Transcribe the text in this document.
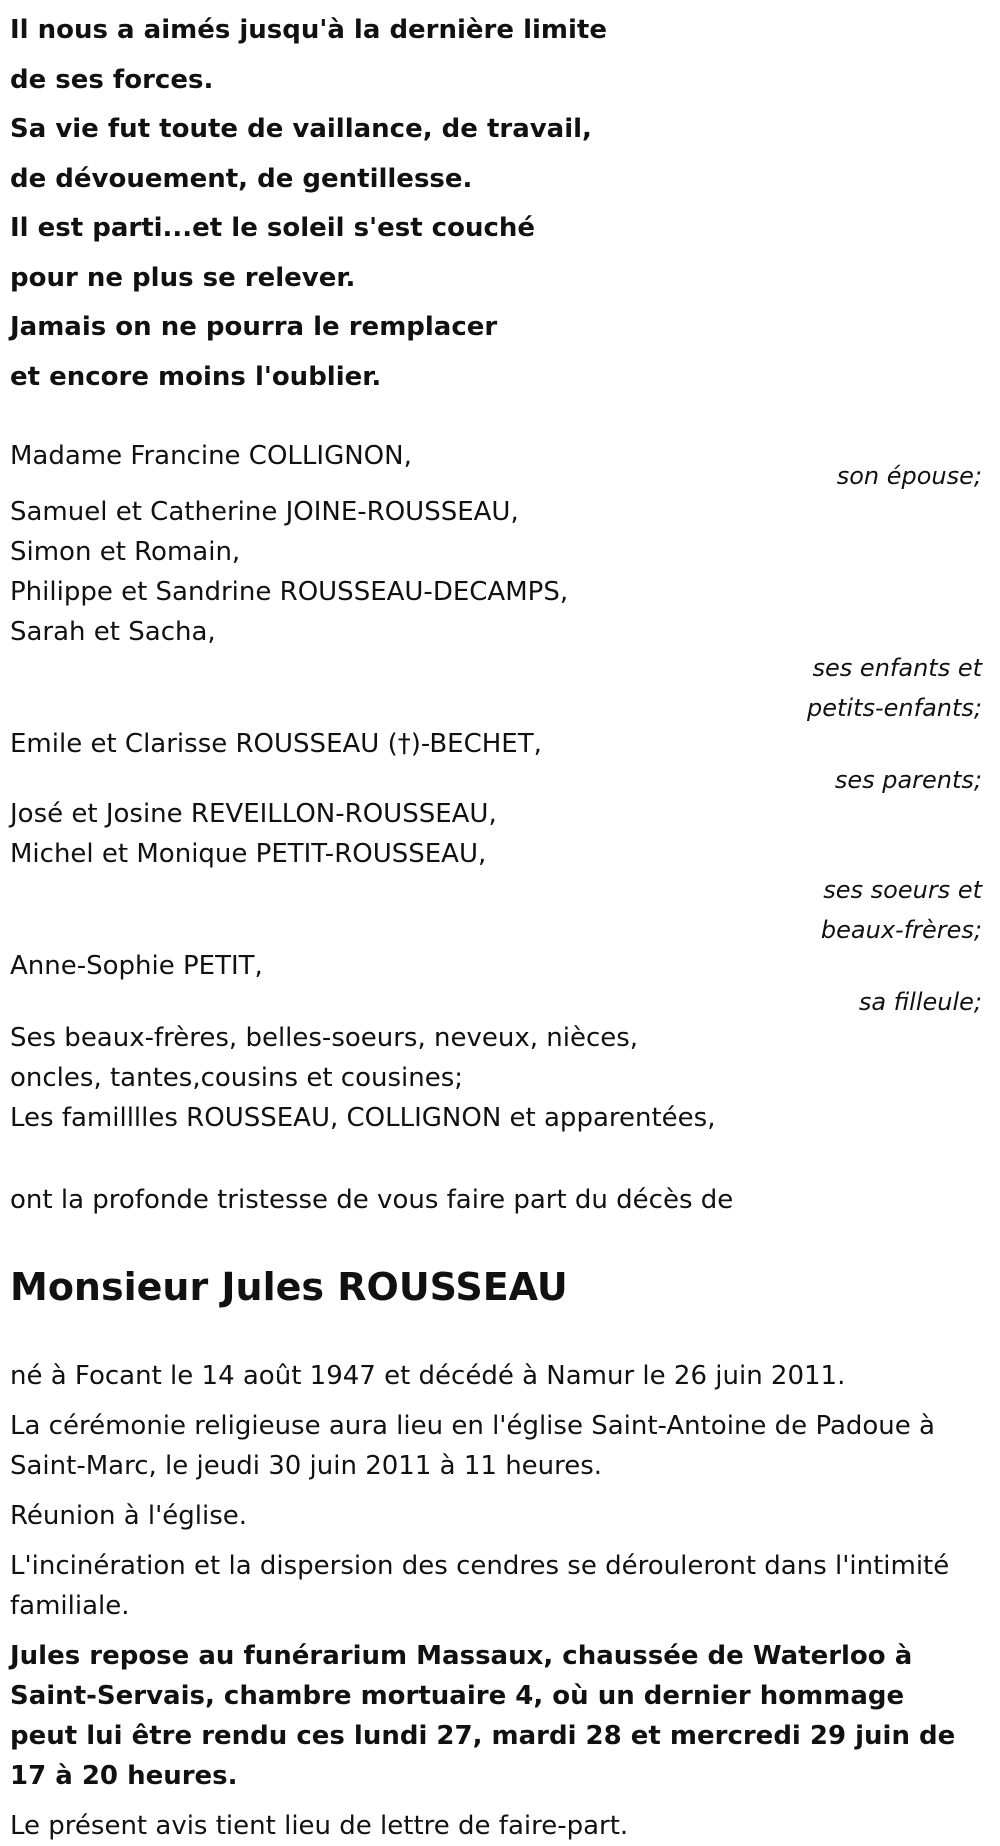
Il nous a aimés jusqu'à la dernière limite
de ses forces.
Sa vie fut toute de vaillance, de travail,
de dévouement, de gentillesse.
Il est parti...et le soleil s'est couché
pour ne plus se relever.
Jamais on ne pourra le remplacer
et encore moins l'oublier.
Madame Francine COLLIGNON,
son épouse;
Samuel et Catherine JOINE-ROUSSEAU,
Simon et Romain,
Philippe et Sandrine ROUSSEAU-DECAMPS,
Sarah et Sacha,
ses enfants et
petits-enfants;
Emile et Clarisse ROUSSEAU (†)-BECHET,
ses parents;
José et Josine REVEILLON-ROUSSEAU,
Michel et Monique PETIT-ROUSSEAU,
ses soeurs et
beaux-frères;
Anne-Sophie PETIT,
sa filleule;
Ses beaux-frères, belles-soeurs, neveux, nièces,
oncles, tantes,cousins et cousines;
Les familllles ROUSSEAU, COLLIGNON et apparentées,
ont la profonde tristesse de vous faire part du décès de
Monsieur Jules ROUSSEAU

né à Focant le 14 août 1947 et décédé à Namur le 26 juin 2011.

La cérémonie religieuse aura lieu en l'église Saint-Antoine de Padoue à Saint-Marc, le jeudi 30 juin 2011 à 11 heures.

Réunion à l'église.

L'incinération et la dispersion des cendres se dérouleront dans l'intimité familiale.

Jules repose au funérarium Massaux, chaussée de Waterloo à Saint-Servais, chambre mortuaire 4, où un dernier hommage peut lui être rendu ces lundi 27, mardi 28 et mercredi 29 juin de 17 à 20 heures.

Le présent avis tient lieu de lettre de faire-part.
